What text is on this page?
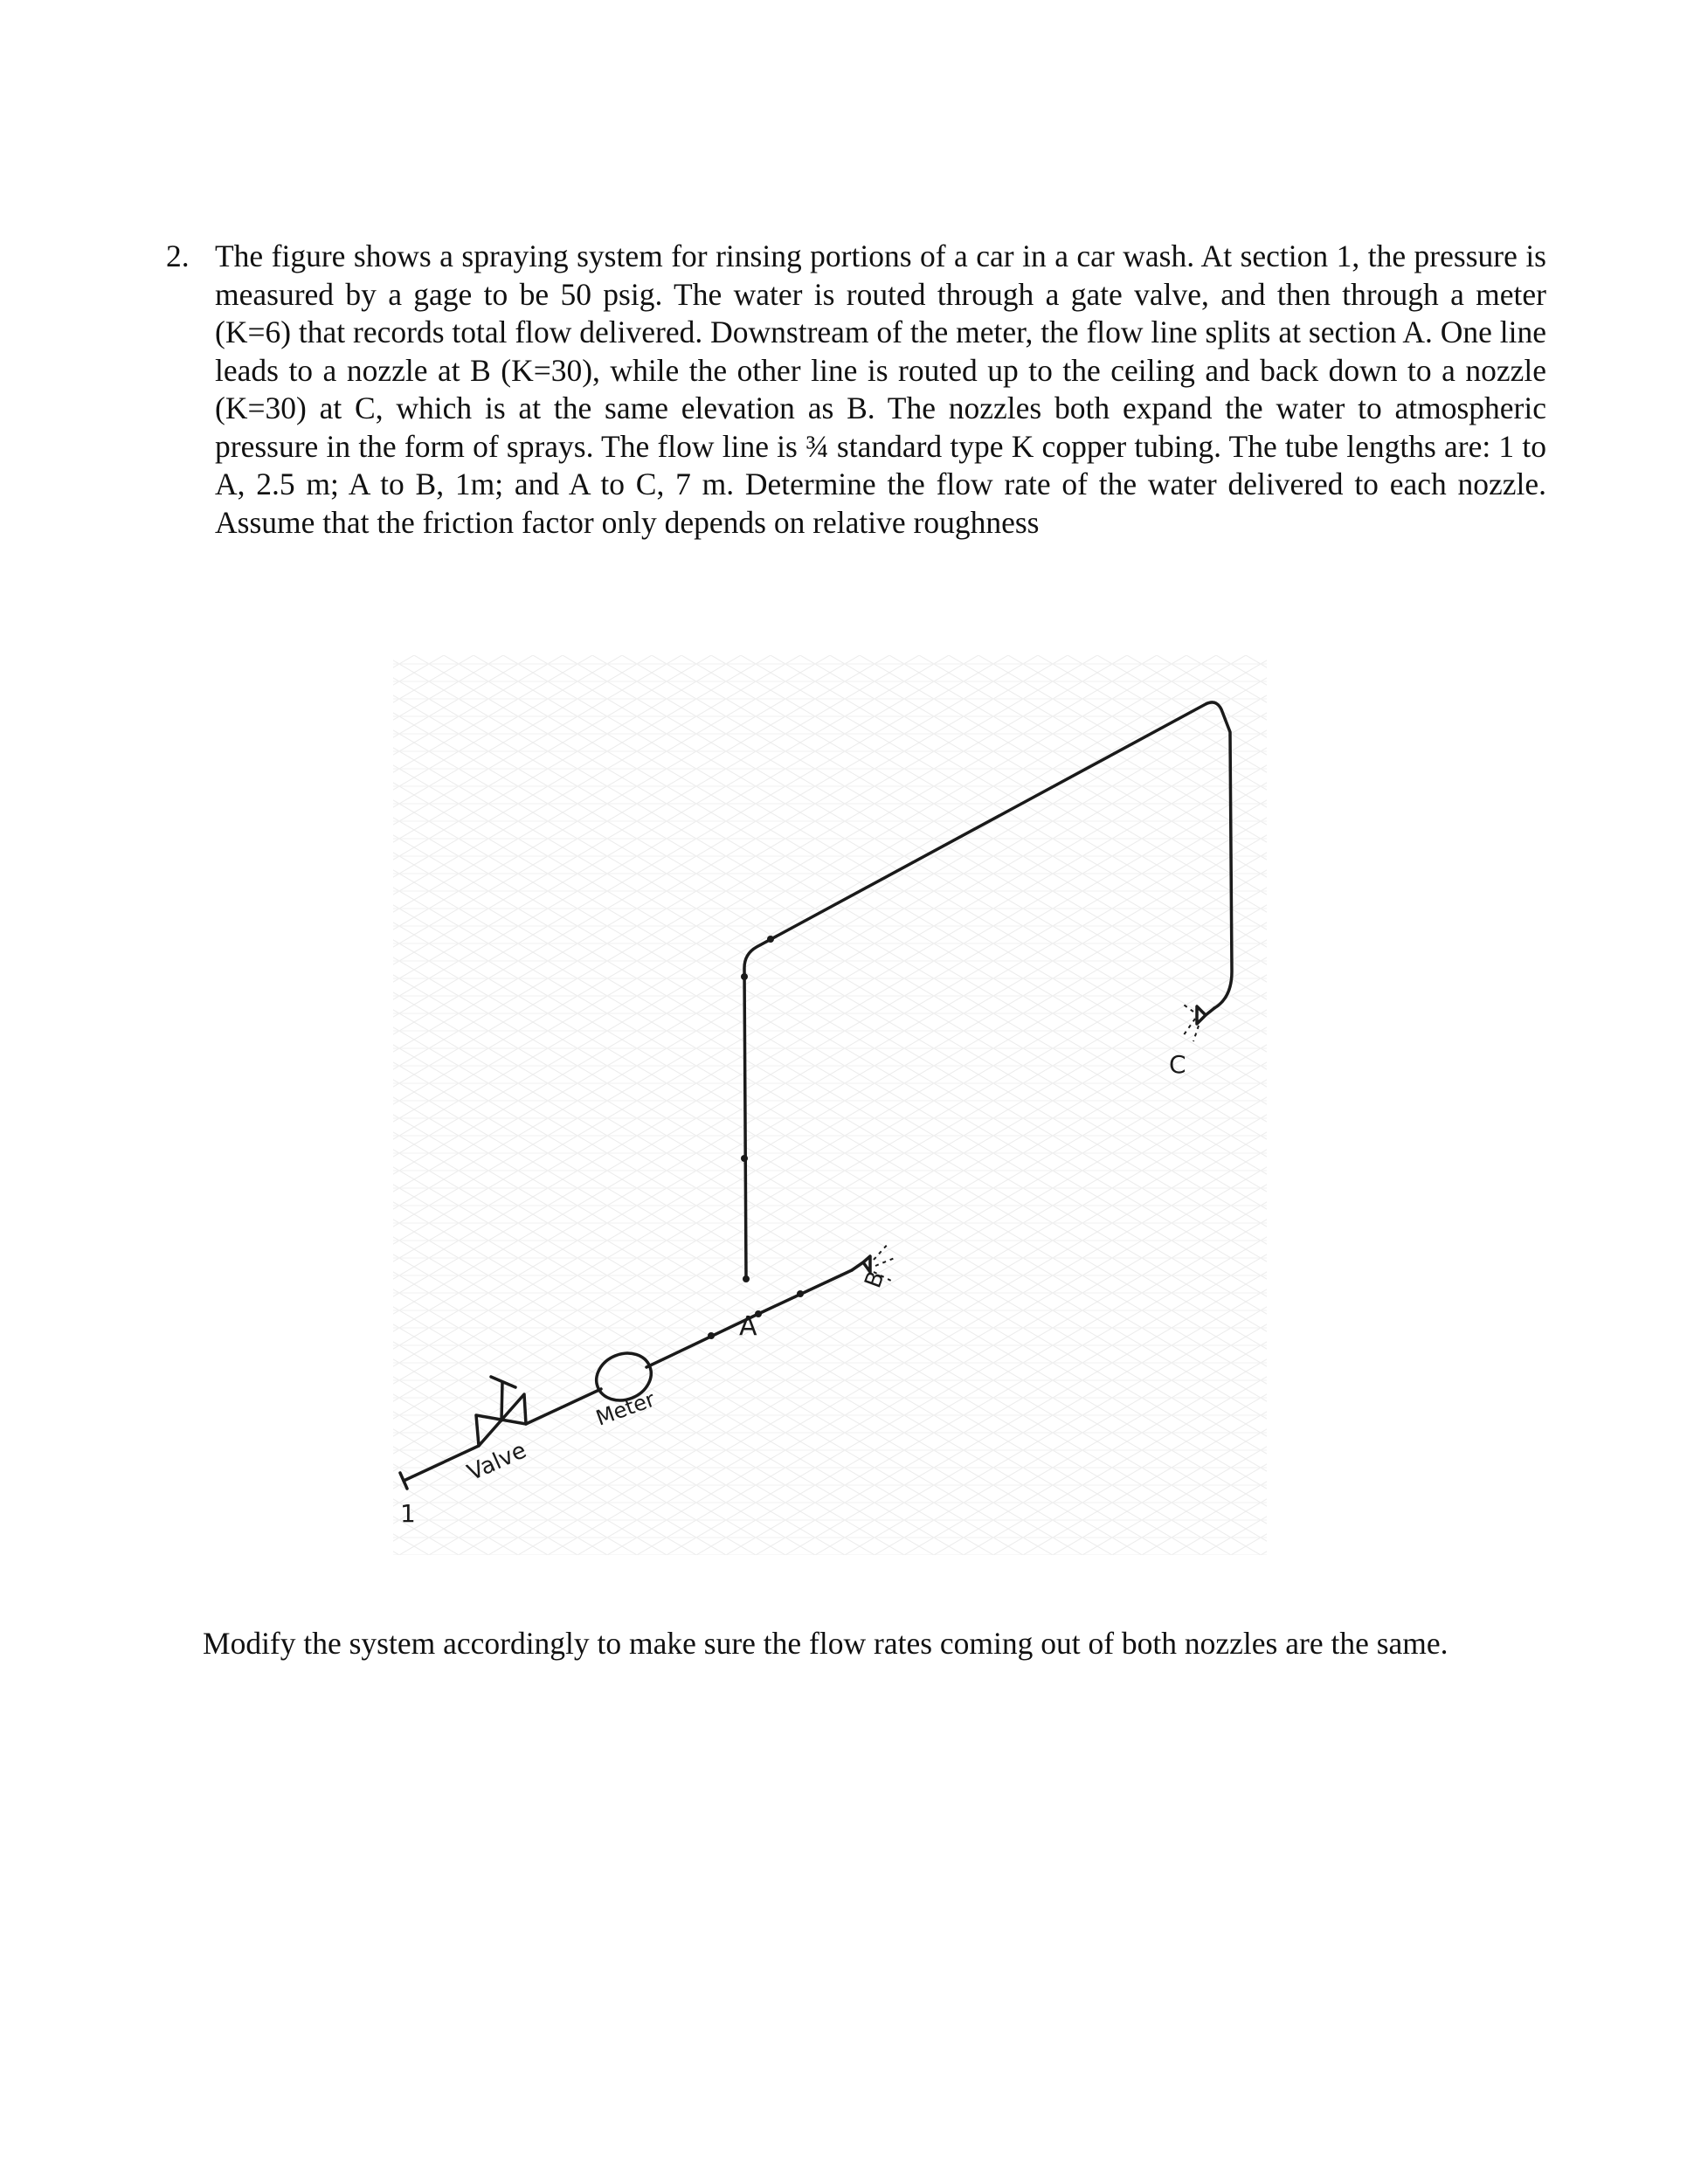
2. The figure shows a spraying system for rinsing portions of a car in a car wash. At section 1, the pressure is measured by a gage to be 50 psig. The water is routed through a gate valve, and then through a meter (K=6) that records total flow delivered. Downstream of the meter, the flow line splits at section A. One line leads to a nozzle at B (K=30), while the other line is routed up to the ceiling and back down to a nozzle (K=30) at C, which is at the same elevation as B. The nozzles both expand the water to atmospheric pressure in the form of sprays. The flow line is ¾ standard type K copper tubing. The tube lengths are: 1 to A, 2.5 m; A to B, 1m; and A to C, 7 m. Determine the flow rate of the water delivered to each nozzle. Assume that the friction factor only depends on relative roughness
1
Valve
Meter
A
B
C
Modify the system accordingly to make sure the flow rates coming out of both nozzles are the same.
